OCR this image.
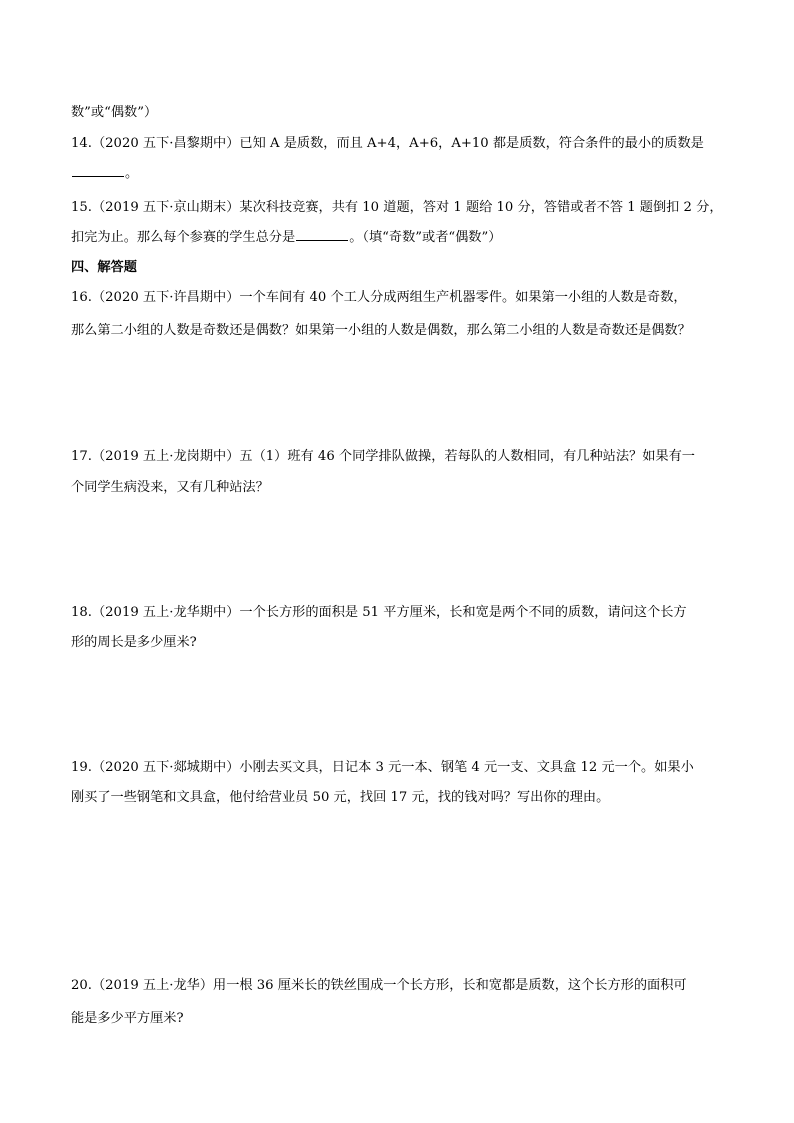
数”或“偶数”）
14.（2020 五下·昌黎期中）已知 A 是质数，而且 A+4，A+6，A+10 都是质数，符合条件的最小的质数是
。
15.（2019 五下·京山期末）某次科技竞赛，共有 10 道题，答对 1 题给 10 分，答错或者不答 1 题倒扣 2 分，
扣完为止。那么每个参赛的学生总分是	。（填“奇数”或者“偶数”）
四、解答题
16.（2020 五下·许昌期中）一个车间有 40 个工人分成两组生产机器零件。如果第一小组的人数是奇数，
那么第二小组的人数是奇数还是偶数？如果第一小组的人数是偶数，那么第二小组的人数是奇数还是偶数？
17.（2019 五上·龙岗期中）五（1）班有 46 个同学排队做操，若每队的人数相同，有几种站法？如果有一
个同学生病没来，又有几种站法？
18.（2019 五上·龙华期中）一个长方形的面积是 51 平方厘米，长和宽是两个不同的质数，请问这个长方
形的周长是多少厘米?
19.（2020 五下·郯城期中）小刚去买文具，日记本 3 元一本、钢笔 4 元一支、文具盒 12 元一个。如果小
刚买了一些钢笔和文具盒，他付给营业员 50 元，找回 17 元，找的钱对吗？写出你的理由。
20.（2019 五上·龙华）用一根 36 厘米长的铁丝围成一个长方形，长和宽都是质数，这个长方形的面积可
能是多少平方厘米?
